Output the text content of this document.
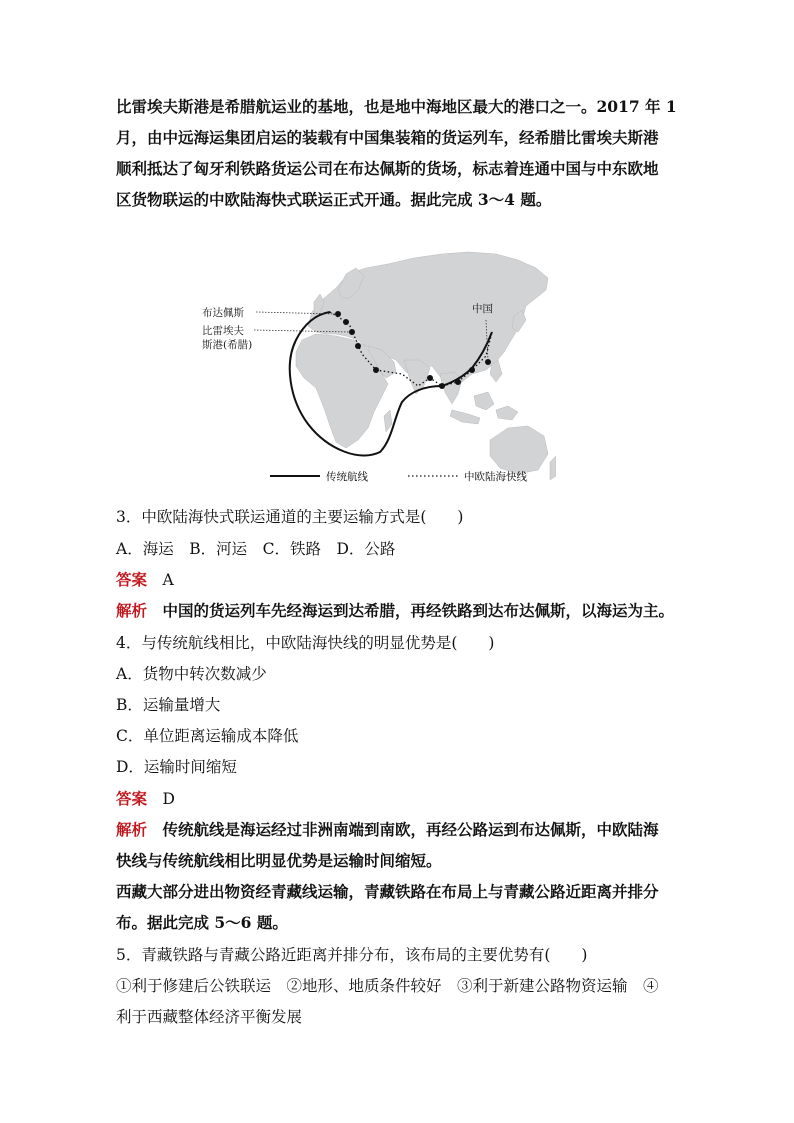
比雷埃夫斯港是希腊航运业的基地，也是地中海地区最大的港口之一。2017 年 1
月，由中远海运集团启运的装载有中国集装箱的货运列车，经希腊比雷埃夫斯港
顺利抵达了匈牙利铁路货运公司在布达佩斯的货场，标志着连通中国与中东欧地
区货物联运的中欧陆海快式联运正式开通。据此完成 3～4 题。
布达佩斯
比雷埃夫
斯港(希腊)
中国
传统航线	中欧陆海快线
3．中欧陆海快式联运通道的主要运输方式是(　　)
A．海运　B．河运　C．铁路　D．公路
答案　 A
解析　 中国的货运列车先经海运到达希腊，再经铁路到达布达佩斯，以海运为主。
4．与传统航线相比，中欧陆海快线的明显优势是(　　)
A．货物中转次数减少
B．运输量增大
C．单位距离运输成本降低
D．运输时间缩短
答案　 D
解析　 传统航线是海运经过非洲南端到南欧，再经公路运到布达佩斯，中欧陆海
快线与传统航线相比明显优势是运输时间缩短。
西藏大部分进出物资经青藏线运输，青藏铁路在布局上与青藏公路近距离并排分
布。据此完成 5～6 题。
5．青藏铁路与青藏公路近距离并排分布，该布局的主要优势有(　　)
①利于修建后公铁联运　②地形、地质条件较好　③利于新建公路物资运输　④
利于西藏整体经济平衡发展
